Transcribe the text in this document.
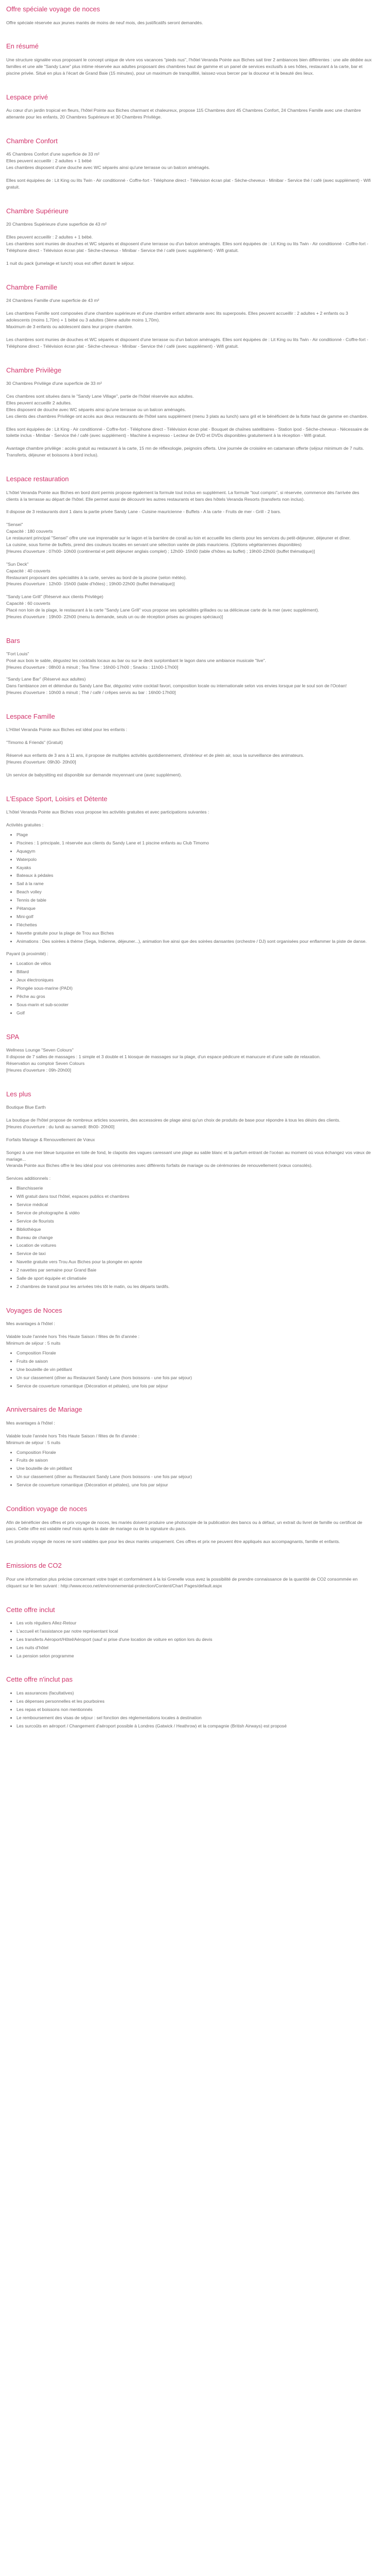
Offre spéciale voyage de noces

Offre spéciale réservée aux jeunes mariés de moins de neuf mois, des justificatifs seront demandés.

En résumé

Une structure signalée vous proposant le concept unique de vivre vos vacances "pieds nus", l'hôtel Veranda Pointe aux Biches sait tirer 2 ambiances bien différentes : une aile dédiée aux familles et une aile "Sandy Lane" plus intime réservée aux adultes proposant des chambres haut de gamme et un panel de services exclusifs à ses hôtes, restaurant à la carte, bar et piscine privée. Situé en plus à l'écart de Grand Baie (15 minutes), pour un maximum de tranquillité, laissez-vous bercer par la douceur et la beauté des lieux.

Lespace privé

Au cœur d'un jardin tropical en fleurs, l'hôtel Pointe aux Biches charmant et chaleureux, propose 115 Chambres dont 45 Chambres Confort, 24 Chambres Famille avec une chambre attenante pour les enfants, 20 Chambres Supérieure et 30 Chambres Privilège.

Chambre Confort

45 Chambres Confort d'une superficie de 33 m²

Elles peuvent accueillir : 2 adultes + 1 bébé

Les chambres disposent d'une douche avec WC séparés ainsi qu'une terrasse ou un balcon aménagés.

Elles sont équipées de : Lit King ou lits Twin - Air conditionné - Coffre-fort - Téléphone direct - Télévision écran plat - Sèche-cheveux - Minibar - Service thé / café (avec supplément) - Wifi gratuit.

Chambre Supérieure

20 Chambres Supérieure d'une superficie de 43 m²

Elles peuvent accueillir : 2 adultes + 1 bébé.

Les chambres sont munies de douches et WC séparés et disposent d'une terrasse ou d'un balcon aménagés. Elles sont équipées de : Lit King ou lits Twin - Air conditionné - Coffre-fort - Téléphone direct - Télévision écran plat - Sèche-cheveux - Minibar - Service thé / café (avec supplément) - Wifi gratuit.

1 nuit du pack (jumelage et lunch) vous est offert durant le séjour.

Chambre Famille

24 Chambres Famille d'une superficie de 43 m²

Les chambres Famille sont composées d'une chambre supérieure et d'une chambre enfant attenante avec lits superposés. Elles peuvent accueillir : 2 adultes + 2 enfants ou 3 adolescents (moins 1,70m) + 1 bébé ou 3 adultes (3ème adulte moins 1,70m).

Maximum de 3 enfants ou adolescent dans leur propre chambre.

Les chambres sont munies de douches et WC séparés et disposent d'une terrasse ou d'un balcon aménagés. Elles sont équipées de : Lit King ou lits Twin - Air conditionné - Coffre-fort - Téléphone direct - Télévision écran plat - Sèche-cheveux - Minibar - Service thé / café (avec supplément) - Wifi gratuit.

Chambre Privilège

30 Chambres Privilège d'une superficie de 33 m²

Ces chambres sont situées dans le "Sandy Lane Village", partie de l'hôtel réservée aux adultes.

Elles peuvent accueillir 2 adultes.

Elles disposent de douche avec WC séparés ainsi qu'une terrasse ou un balcon aménagés.

Les clients des chambres Privilège ont accès aux deux restaurants de l'hôtel sans supplément (menu 3 plats au lunch) sans gril et le bénéficient de la flotte haut de gamme en chambre.

Elles sont équipées de : Lit King - Air conditionné - Coffre-fort - Téléphone direct - Télévision écran plat - Bouquet de chaînes satellitaires - Station ipod - Sèche-cheveux - Nécessaire de toilette inclus - Minibar - Service thé / café (avec supplément) - Machine à expresso - Lecteur de DVD et DVDs disponibles gratuitement à la réception - Wifi gratuit.

Avantage chambre privilège : accès gratuit au restaurant à la carte, 15 mn de réflexologie, peignoirs offerts. Une journée de croisière en catamaran offerte (séjour minimum de 7 nuits. Transferts, déjeuner et boissons à bord inclus).

Lespace restauration

L'hôtel Veranda Pointe aux Biches en bord dont permis propose également la formule tout inclus en supplément. La formule "tout compris", si réservée, commence dès l'arrivée des clients à la terrasse au départ de l'hôtel. Elle permet aussi de découvrir les autres restaurants et bars des hôtels Veranda Resorts (transferts non inclus).

Il dispose de 3 restaurants dont 1 dans la partie privée Sandy Lane - Cuisine mauricienne - Buffets - A la carte - Fruits de mer - Grill - 2 bars.

"Sensei"

Capacité : 180 couverts

Le restaurant principal "Sensei" offre une vue imprenable sur le lagon et la barrière de corail au loin et accueille les clients pour les services du petit-déjeuner, déjeuner et dîner.

La cuisine, sous forme de buffets, prend des couleurs locales en servant une sélection variée de plats mauriciens. (Options végétariennes disponibles)

[Heures d'ouverture : 07h00- 10h00 (continental et petit déjeuner anglais complet) ; 12h00- 15h00 (table d'hôtes au buffet) ; 19h00-22h00 (buffet thématique)]

"Sun Deck"

Capacité : 40 couverts

Restaurant proposant des spécialités à la carte, servies au bord de la piscine (selon météo).

[Heures d'ouverture : 12h00- 15h00 (table d'hôtes) ; 19h00-22h00 (buffet thématique)]

"Sandy Lane Grill" (Réservé aux clients Privilège)

Capacité : 60 couverts

Placé non loin de la plage, le restaurant à la carte "Sandy Lane Grill" vous propose ses spécialités grillades ou sa délicieuse carte de la mer (avec supplément).

[Heures d'ouverture : 19h00- 22h00 (menu la demande, seuls un ou de réception prises au groupes spéciaux)]

Bars

"Fort Louis"

Posé aux bois le sable, dégustez les cocktails locaux au bar ou sur le deck surplombant le lagon dans une ambiance musicale "live".

[Heures d'ouverture : 08h00 à minuit ; Tea Time : 16h00-17h00 ; Snacks : 11h00-17h00]

"Sandy Lane Bar" (Réservé aux adultes)

Dans l'ambiance zen et détendue du Sandy Lane Bar, dégustez votre cocktail favori, composition locale ou internationale selon vos envies lorsque par le soul son de l'Océan!

[Heures d'ouverture : 10h00 à minuit ; Thé / café / crêpes servis au bar : 16h00-17h00]

Lespace Famille

L'Hôtel Veranda Pointe aux Biches est idéal pour les enfants :

"Timomo & Friends" (Gratuit)

Réservé aux enfants de 3 ans à 11 ans, il propose de multiples activités quotidiennement, d'intérieur et de plein air, sous la surveillance des animateurs.

[Heures d'ouverture: 09h30- 20h00]

Un service de babysitting est disponible sur demande moyennant une (avec supplément).

L'Espace Sport, Loisirs et Détente

L'hôtel Veranda Pointe aux Biches vous propose les activités gratuites et avec participations suivantes :

Activités gratuites :

• Plage
• Piscines : 1 principale, 1 réservée aux clients du Sandy Lane et 1 piscine enfants au Club Timomo
• Aquagym
• Waterpolo
• Kayaks
• Bateaux à pédales
• Sail à la rame
• Beach volley
• Tennis de table
• Pétanque
• Mini-golf
• Fléchettes
• Navette gratuite pour la plage de Trou aux Biches
• Animations : Des soirées à thème (Sega, Indienne, déjeuner...), animation live ainsi que des soirées dansantes (orchestre / DJ) sont organisées pour enflammer la piste de danse.

Payant (à proximité) :

• Location de vélos
• Billard
• Jeux électroniques
• Plongée sous-marine (PADI)
• Pêche au gros
• Sous-marin et sub-scooter
• Golf
SPA

Wellness Lounge "Seven Colours"

Il dispose de 7 salles de massages : 1 simple et 3 double et 1 kiosque de massages sur la plage, d'un espace pédicure et manucure et d'une salle de relaxation.

Réservation au comptoir Seven Colours

[Heures d'ouverture : 09h-20h00]

Les plus

Boutique Blue Earth

La boutique de l'hôtel propose de nombreux articles souvenirs, des accessoires de plage ainsi qu'un choix de produits de base pour répondre à tous les désirs des clients.

[Heures d'ouverture : du lundi au samedi: 8h00- 20h00]

Forfaits Mariage & Renouvellement de Vœux

Songez à une mer bleue turquoise en toile de fond, le clapotis des vagues caressant une plage au sable blanc et la parfum entrant de l'océan au moment où vous échangez vos vœux de mariage...

Veranda Pointe aux Biches offre le lieu idéal pour vos cérémonies avec différents forfaits de mariage ou de cérémonies de renouvellement (vœux consolés).

Services additionnels :

• Blanchisserie
• Wifi gratuit dans tout l'hôtel, espaces publics et chambres
• Service médical
• Service de photographe & vidéo
• Service de flourists
• Bibliothèque
• Bureau de change
• Location de voitures
• Service de taxi
• Navette gratuite vers Trou Aux Biches pour la plongée en apnée
• 2 navettes par semaine pour Grand Baie
• Salle de sport équipée et climatisée
• 2 chambres de transit pour les arrivées très tôt le matin, ou les départs tardifs.
Voyages de Noces

Mes avantages à l'hôtel :

Valable toute l'année hors Très Haute Saison / fêtes de fin d'année :

Minimum de séjour : 5 nuits

• Composition Florale
• Fruits de saison
• Une bouteille de vin pétillant
• Un sur classement (dîner au Restaurant Sandy Lane (hors boissons - une fois par séjour)
• Service de couverture romantique (Décoration et pétales), une fois par séjour
Anniversaires de Mariage

Mes avantages à l'hôtel :

Valable toute l'année hors Très Haute Saison / fêtes de fin d'année :

Minimum de séjour : 5 nuits

• Composition Florale
• Fruits de saison
• Une bouteille de vin pétillant
• Un sur classement (dîner au Restaurant Sandy Lane (hors boissons - une fois par séjour)
• Service de couverture romantique (Décoration et pétales), une fois par séjour
Condition voyage de noces

Afin de bénéficier des offres et prix voyage de noces, les mariés doivent produire une photocopie de la publication des bancs ou à défaut, un extrait du livret de famille ou certificat de pacs. Cette offre est valable neuf mois après la date de mariage ou de la signature du pacs.

Les produits voyage de noces ne sont valables que pour les deux mariés uniquement. Ces offres et prix ne peuvent être appliqués aux accompagnants, famille et enfants.

Emissions de CO2

Pour une information plus précise concernant votre trajet et conformément à la loi Grenelle vous avez la possibilité de prendre connaissance de la quantité de CO2 consommée en cliquant sur le lien suivant : http://www.ecoo.net/environnemental-protection/Content/Chart Pages/default.aspx

Cette offre inclut
• Les vols réguliers Allez-Retour
• L'accueil et l'assistance par notre représentant local
• Les transferts Aéroport/Hôtel/Aéroport (sauf si prise d'une location de voiture en option lors du devis
• Les nuits d'hôtel
• La pension selon programme
Cette offre n'inclut pas
• Les assurances (facultatives)
• Les dépenses personnelles et les pourboires
• Les repas et boissons non mentionnés
• Le remboursement des visas de séjour : sel fonction des réglementations locales à destination
• Les surcoûts en aéroport / Changement d'aéroport possible à Londres (Gatwick / Heathrow) et la compagnie (British Airways) est proposé
